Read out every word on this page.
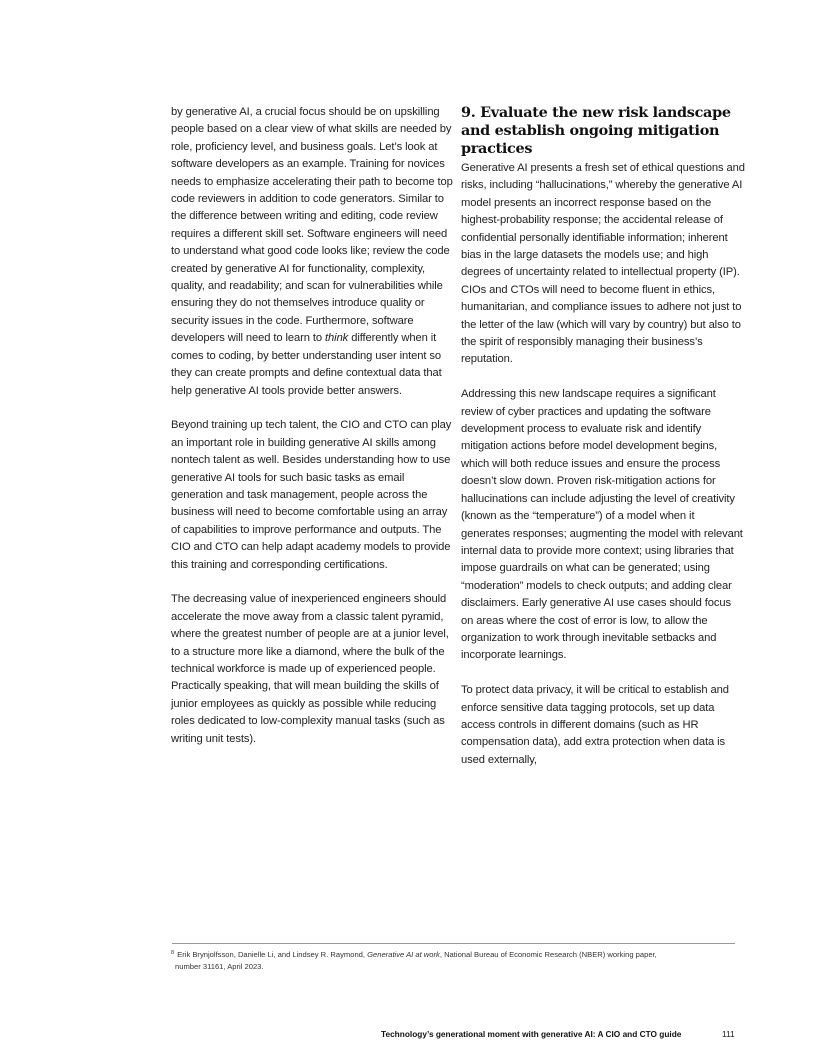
by generative AI, a crucial focus should be on upskilling people based on a clear view of what skills are needed by role, proficiency level, and business goals. Let’s look at software developers as an example. Training for novices needs to emphasize accelerating their path to become top code reviewers in addition to code generators. Similar to the difference between writing and editing, code review requires a different skill set. Software engineers will need to understand what good code looks like; review the code created by generative AI for functionality, complexity, quality, and readability; and scan for vulnerabilities while ensuring they do not themselves introduce quality or security issues in the code. Furthermore, software developers will need to learn to think differently when it comes to coding, by better understanding user intent so they can create prompts and define contextual data that help generative AI tools provide better answers.

Beyond training up tech talent, the CIO and CTO can play an important role in building generative AI skills among nontech talent as well. Besides understanding how to use generative AI tools for such basic tasks as email generation and task management, people across the business will need to become comfortable using an array of capabilities to improve performance and outputs. The CIO and CTO can help adapt academy models to provide this training and corresponding certifications.

The decreasing value of inexperienced engineers should accelerate the move away from a classic talent pyramid, where the greatest number of people are at a junior level, to a structure more like a diamond, where the bulk of the technical workforce is made up of experienced people. Practically speaking, that will mean building the skills of junior employees as quickly as possible while reducing roles dedicated to low-complexity manual tasks (such as writing unit tests).

9. Evaluate the new risk landscape and establish ongoing mitigation practices

Generative AI presents a fresh set of ethical questions and risks, including “hallucinations,” whereby the generative AI model presents an incorrect response based on the highest-probability response; the accidental release of confidential personally identifiable information; inherent bias in the large datasets the models use; and high degrees of uncertainty related to intellectual property (IP). CIOs and CTOs will need to become fluent in ethics, humanitarian, and compliance issues to adhere not just to the letter of the law (which will vary by country) but also to the spirit of responsibly managing their business’s reputation.

Addressing this new landscape requires a significant review of cyber practices and updating the software development process to evaluate risk and identify mitigation actions before model development begins, which will both reduce issues and ensure the process doesn’t slow down. Proven risk-mitigation actions for hallucinations can include adjusting the level of creativity (known as the “temperature”) of a model when it generates responses; augmenting the model with relevant internal data to provide more context; using libraries that impose guardrails on what can be generated; using “moderation” models to check outputs; and adding clear disclaimers. Early generative AI use cases should focus on areas where the cost of error is low, to allow the organization to work through inevitable setbacks and incorporate learnings.

To protect data privacy, it will be critical to establish and enforce sensitive data tagging protocols, set up data access controls in different domains (such as HR compensation data), add extra protection when data is used externally,

$^8$ Erik Brynjolfsson, Danielle Li, and Lindsey R. Raymond, Generative AI at work, National Bureau of Economic Research (NBER) working paper,
number 31161, April 2023.
Technology’s generational moment with generative AI: A CIO and CTO guide	111
